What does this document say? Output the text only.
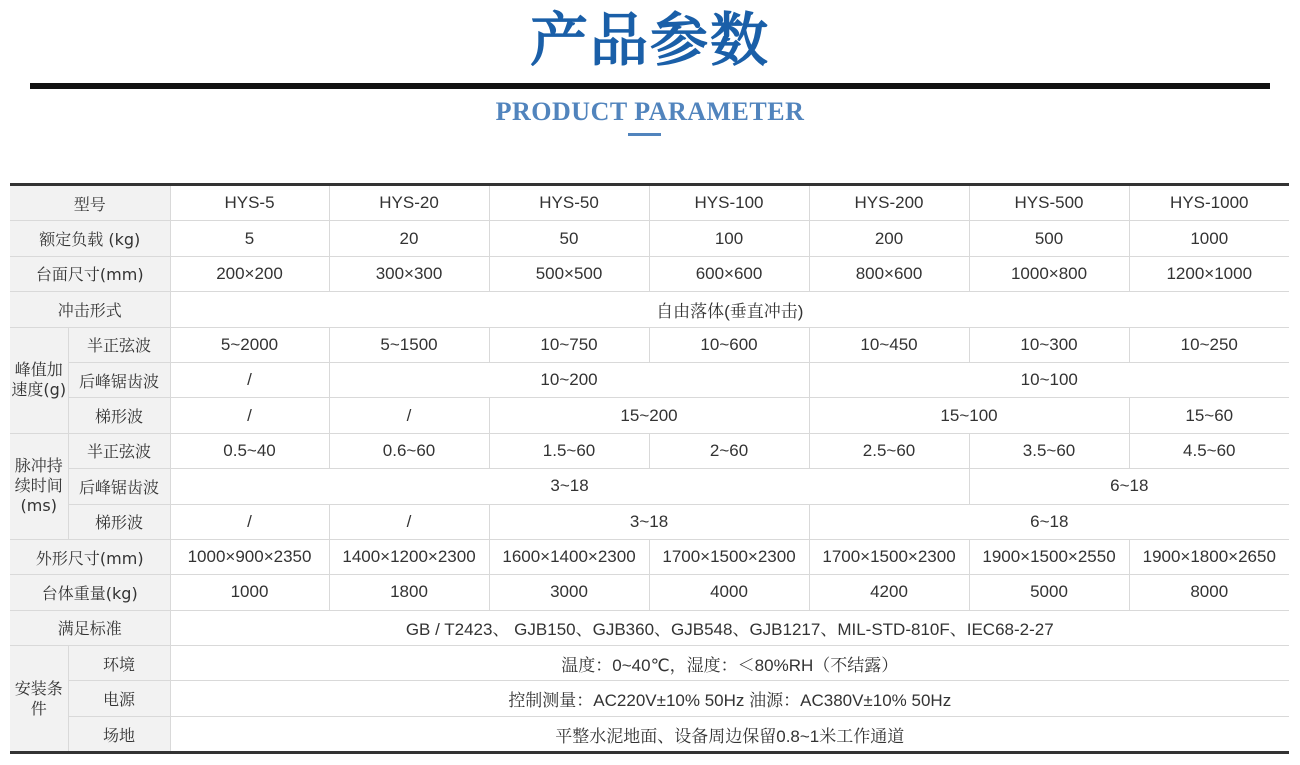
产品参数
PRODUCT PARAMETER
型号		HYS-5	HYS-20	HYS-50	HYS-100	HYS-200	HYS-500	HYS-1000
额定负载 (kg)		5	20	50	100	200	500	1000
台面尺寸(mm)		200×200	300×300	500×500	600×600	800×600	1000×800	1200×1000
冲击形式		自由落体(垂直冲击)						
峰值加速度(g)	半正弦波	5~2000	5~1500	10~750	10~600	10~450	10~300	10~250
	后峰锯齿波	/	10~200			10~100		
	梯形波	/	/	15~200		15~100		15~60
脉冲持续时间(ms)	半正弦波	0.5~40	0.6~60	1.5~60	2~60	2.5~60	3.5~60	4.5~60
	后峰锯齿波	3~18					6~18	
	梯形波	/	/	3~18		6~18		
外形尺寸(mm)		1000×900×2350	1400×1200×2300	1600×1400×2300	1700×1500×2300	1700×1500×2300	1900×1500×2550	1900×1800×2650
台体重量(kg)		1000	1800	3000	4000	4200	5000	8000
满足标准		GB / T2423、 GJB150、GJB360、GJB548、GJB1217、MIL-STD-810F、IEC68-2-27						
安装条件	环境	温度：0~40℃，湿度：＜80%RH（不结露）						
	电源	控制测量：AC220V±10% 50Hz 油源：AC380V±10% 50Hz						
	场地	平整水泥地面、设备周边保留0.8~1米工作通道						
